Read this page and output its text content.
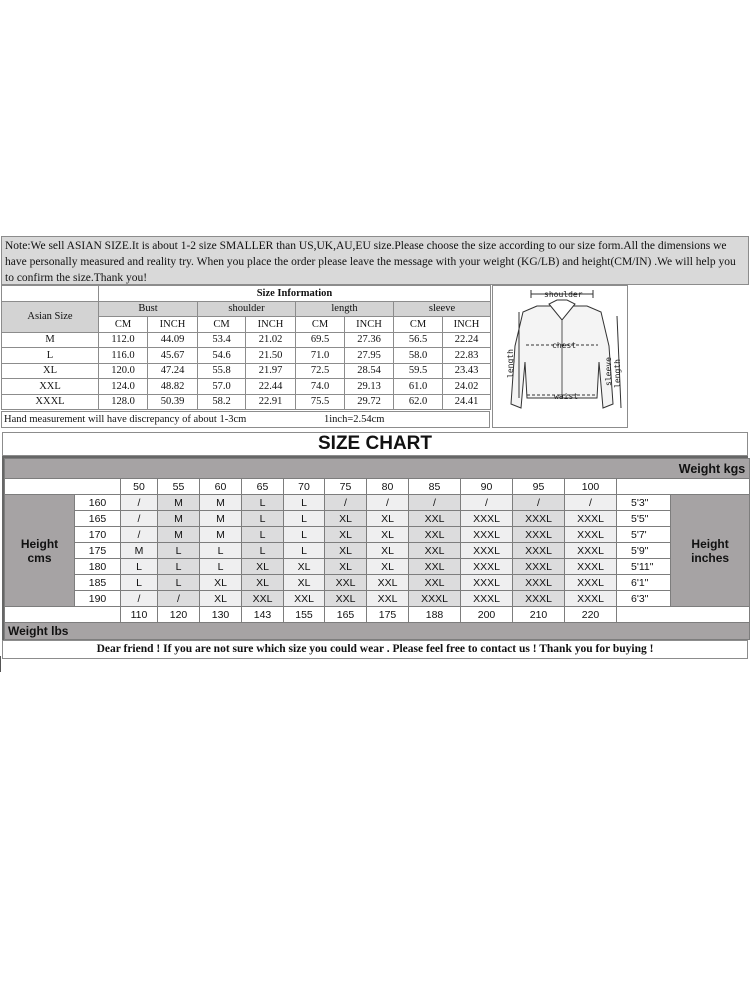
Note:We sell ASIAN SIZE.It is about 1-2 size SMALLER than US,UK,AU,EU size.Please choose the size according to our size form.All the dimensions we have personally measured and reality try. When you place the order please leave the message with your weight (KG/LB) and height(CM/IN) .We will help you to confirm the size.Thank you!
	Size Information							
Asian Size	Bust		shoulder		length		sleeve	
	CM	INCH	CM	INCH	CM	INCH	CM	INCH
M	112.0	44.09	53.4	21.02	69.5	27.36	56.5	22.24
L	116.0	45.67	54.6	21.50	71.0	27.95	58.0	22.83
XL	120.0	47.24	55.8	21.97	72.5	28.54	59.5	23.43
XXL	124.0	48.82	57.0	22.44	74.0	29.13	61.0	24.02
XXXL	128.0	50.39	58.2	22.91	75.5	29.72	62.0	24.41
Hand measurement will have discrepancy of about 1-3cm	1inch=2.54cm
shoulder
chest
waist
length	sleeve length
SIZE CHART
Weight kgs														
		50	55	60	65	70	75	80	85	90	95	100		
Height
cms	160	/	M	M	L	L	/	/	/	/	/	/	5'3"	Height
inches
	165	/	M	M	L	L	XL	XL	XXL	XXXL	XXXL	XXXL	5'5"	
	170	/	M	M	L	L	XL	XL	XXL	XXXL	XXXL	XXXL	5'7'	
	175	M	L	L	L	L	XL	XL	XXL	XXXL	XXXL	XXXL	5'9"	
	180	L	L	L	XL	XL	XL	XL	XXL	XXXL	XXXL	XXXL	5'11"	
	185	L	L	XL	XL	XL	XXL	XXL	XXL	XXXL	XXXL	XXXL	6'1"	
	190	/	/	XL	XXL	XXL	XXL	XXL	XXXL	XXXL	XXXL	XXXL	6'3"	
		110	120	130	143	155	165	175	188	200	210	220		
Weight lbs														
Dear friend ! If you are not sure which size you could wear . Please feel free to contact us ! Thank you for buying !
